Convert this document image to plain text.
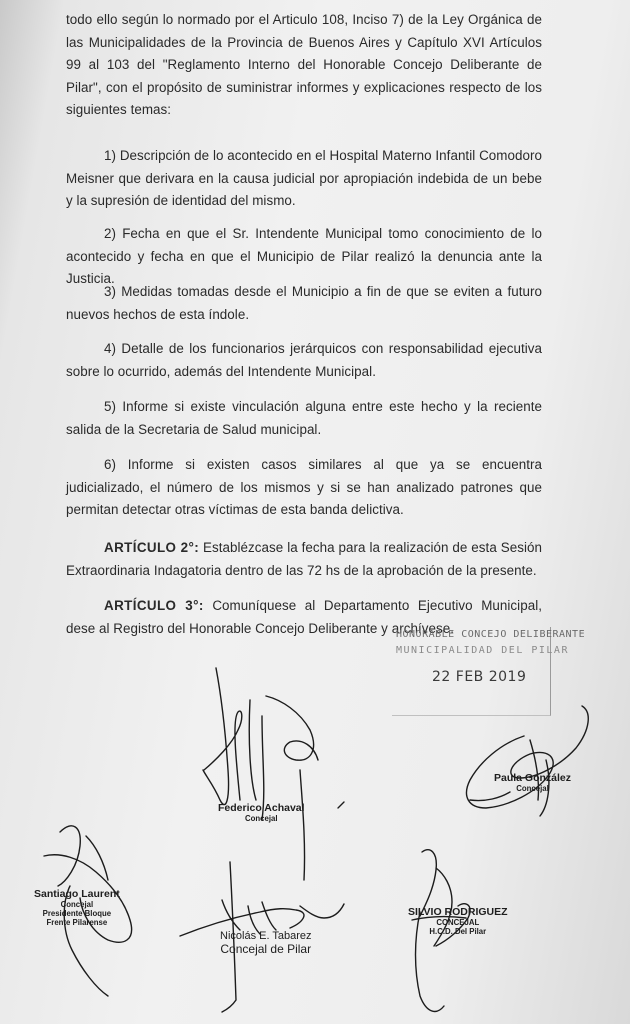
todo ello según lo normado por el Articulo 108, Inciso 7) de la Ley Orgánica de las Municipalidades de la Provincia de Buenos Aires y Capítulo XVI Artículos 99 al 103 del "Reglamento Interno del Honorable Concejo Deliberante de Pilar", con el propósito de suministrar informes y explicaciones respecto de los siguientes temas:

1) Descripción de lo acontecido en el Hospital Materno Infantil Comodoro Meisner que derivara en la causa judicial por apropiación indebida de un bebe y la supresión de identidad del mismo.

2) Fecha en que el Sr. Intendente Municipal tomo conocimiento de lo acontecido y fecha en que el Municipio de Pilar realizó la denuncia ante la Justicia.

3) Medidas tomadas desde el Municipio a fin de que se eviten a futuro nuevos hechos de esta índole.

4) Detalle de los funcionarios jerárquicos con responsabilidad ejecutiva sobre lo ocurrido, además del Intendente Municipal.

5) Informe si existe vinculación alguna entre este hecho y la reciente salida de la Secretaria de Salud municipal.

6) Informe si existen casos similares al que ya se encuentra judicializado, el número de los mismos y si se han analizado patrones que permitan detectar otras víctimas de esta banda delictiva.

ARTÍCULO 2°: Establézcase la fecha para la realización de esta Sesión Extraordinaria Indagatoria dentro de las 72 hs de la aprobación de la presente.

ARTÍCULO 3°: Comuníquese al Departamento Ejecutivo Municipal, dese al Registro del Honorable Concejo Deliberante y archívese.

HONORABLE CONCEJO DELIBERANTE
MUNICIPALIDAD DEL PILAR
22 FEB 2019
Federico Achaval
Concejal
Paula González
Concejal
Santiago Laurent
Concejal
Presidente Bloque
Frente Pilarense
Nicolás E. Tabarez
Concejal de Pilar
SILVIO RODRIGUEZ
CONCEJAL
H.C.D. Del Pilar
